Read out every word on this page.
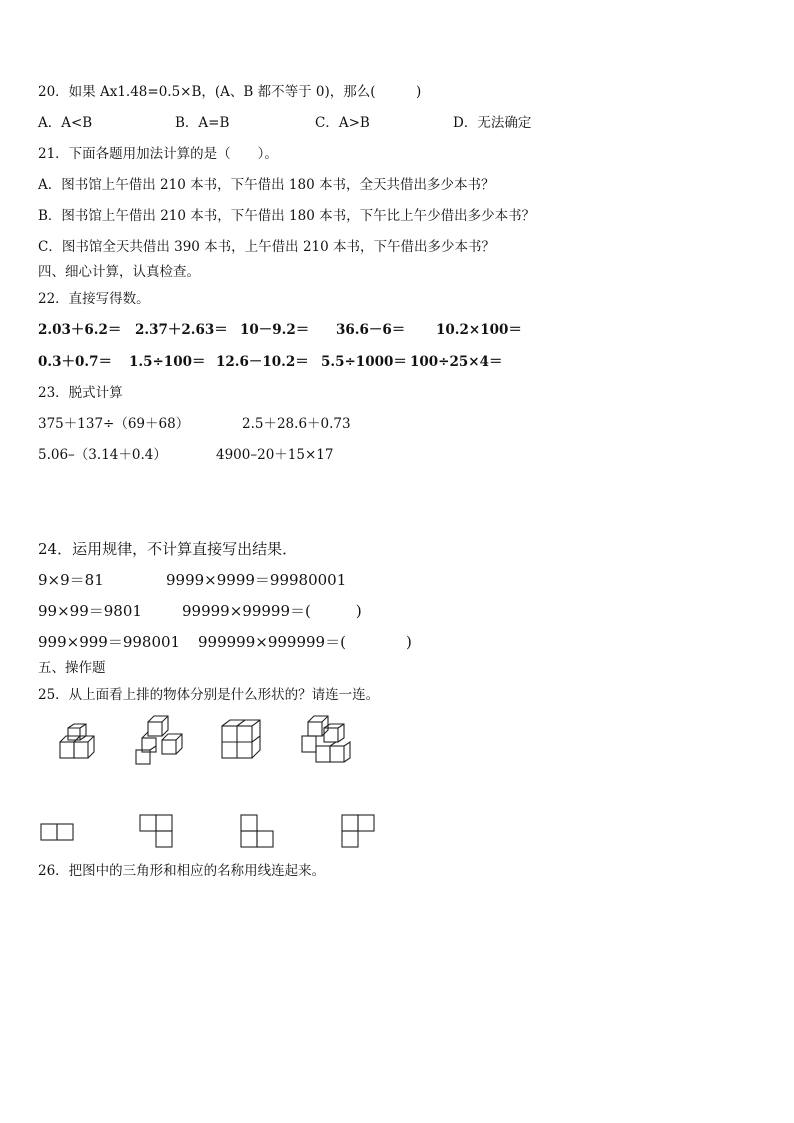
20．如果 Ax1.48=0.5×B，(A、B 都不等于 0)，那么(　　　)
A．A<B	B．A=B	C．A>B	D．无法确定
21．下面各题用加法计算的是（　　）。
A．图书馆上午借出 210 本书，下午借出 180 本书，全天共借出多少本书？
B．图书馆上午借出 210 本书，下午借出 180 本书，下午比上午少借出多少本书？
C．图书馆全天共借出 390 本书，上午借出 210 本书，下午借出多少本书？
四、细心计算，认真检查。
22．直接写得数。
2.03＋6.2＝ 2.37＋2.63＝ 10－9.2＝ 36.6－6＝ 10.2×100＝
0.3＋0.7＝ 1.5÷100＝ 12.6－10.2＝ 5.5÷1000＝ 100÷25×4＝
23．脱式计算
375＋137÷（69＋68）	2.5＋28.6＋0.73
5.06–（3.14＋0.4）	4900–20＋15×17
24．运用规律，不计算直接写出结果．
9×9＝81	9999×9999＝99980001
99×99＝9801	99999×99999＝(　　　)
999×999＝998001 999999×999999＝(　　　　)
五、操作题
25．从上面看上排的物体分别是什么形状的？请连一连。
26．把图中的三角形和相应的名称用线连起来。
